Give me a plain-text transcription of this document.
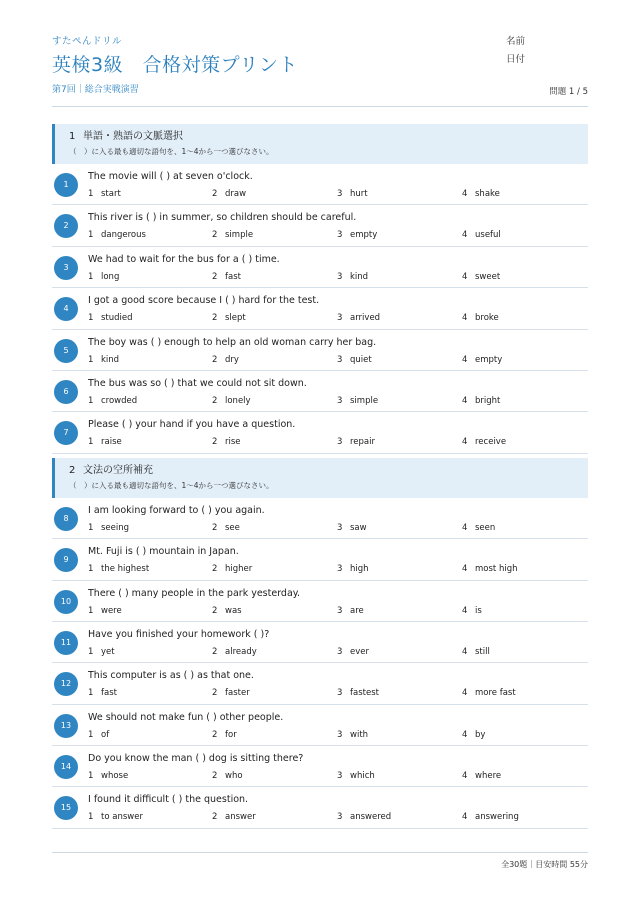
すたぺんドリル
英検3級　合格対策プリント
第7回｜総合実戦演習
名前
日付
問題 1 / 5
1 単語・熟語の文脈選択
（　）に入る最も適切な語句を、1〜4から一つ選びなさい。
1
The movie will ( ) at seven o'clock.
1 start	2 draw	3 hurt	4 shake
2
This river is ( ) in summer, so children should be careful.
1 dangerous	2 simple	3 empty	4 useful
3
We had to wait for the bus for a ( ) time.
1 long	2 fast	3 kind	4 sweet
4
I got a good score because I ( ) hard for the test.
1 studied	2 slept	3 arrived	4 broke
5
The boy was ( ) enough to help an old woman carry her bag.
1 kind	2 dry	3 quiet	4 empty
6
The bus was so ( ) that we could not sit down.
1 crowded	2 lonely	3 simple	4 bright
7
Please ( ) your hand if you have a question.
1 raise	2 rise	3 repair	4 receive
2 文法の空所補充
（　）に入る最も適切な語句を、1〜4から一つ選びなさい。
8
I am looking forward to ( ) you again.
1 seeing	2 see	3 saw	4 seen
9
Mt. Fuji is ( ) mountain in Japan.
1 the highest	2 higher	3 high	4 most high
10
There ( ) many people in the park yesterday.
1 were	2 was	3 are	4 is
11
Have you finished your homework ( )?
1 yet	2 already	3 ever	4 still
12
This computer is as ( ) as that one.
1 fast	2 faster	3 fastest	4 more fast
13
We should not make fun ( ) other people.
1 of	2 for	3 with	4 by
14
Do you know the man ( ) dog is sitting there?
1 whose	2 who	3 which	4 where
15
I found it difficult ( ) the question.
1 to answer	2 answer	3 answered	4 answering
全30題｜目安時間 55分
